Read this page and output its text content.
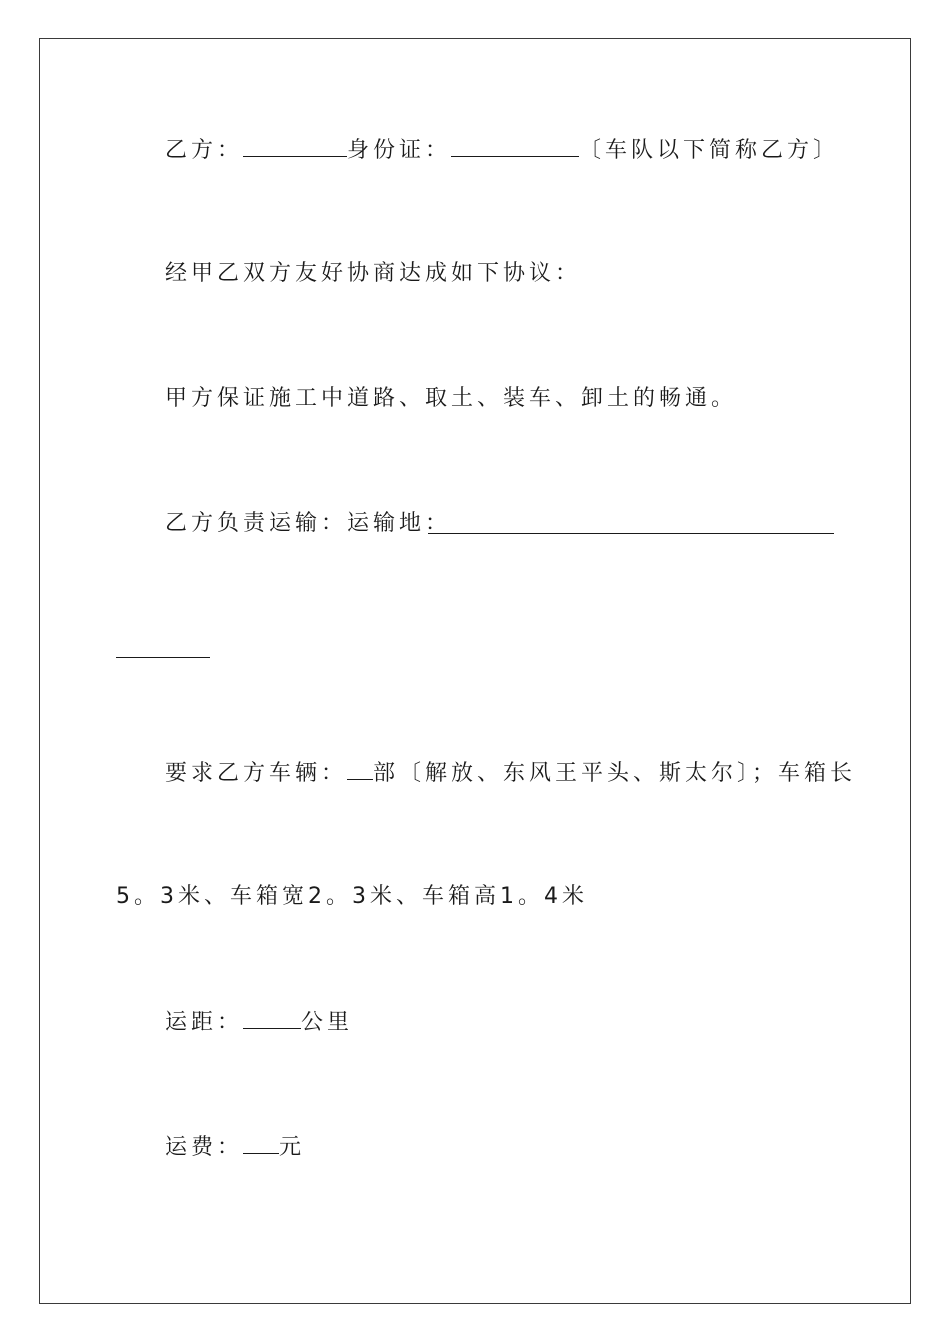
乙方：	身份证：	〔车队以下简称乙方〕
经甲乙双方友好协商达成如下协议：
甲方保证施工中道路、取土、装车、卸土的畅通。
乙方负责运输：运输地：
要求乙方车辆： 部〔解放、东风王平头、斯太尔〕；车箱长
5。3米、车箱宽2。3米、车箱高1。4米
运距：	公里
运费： 元
